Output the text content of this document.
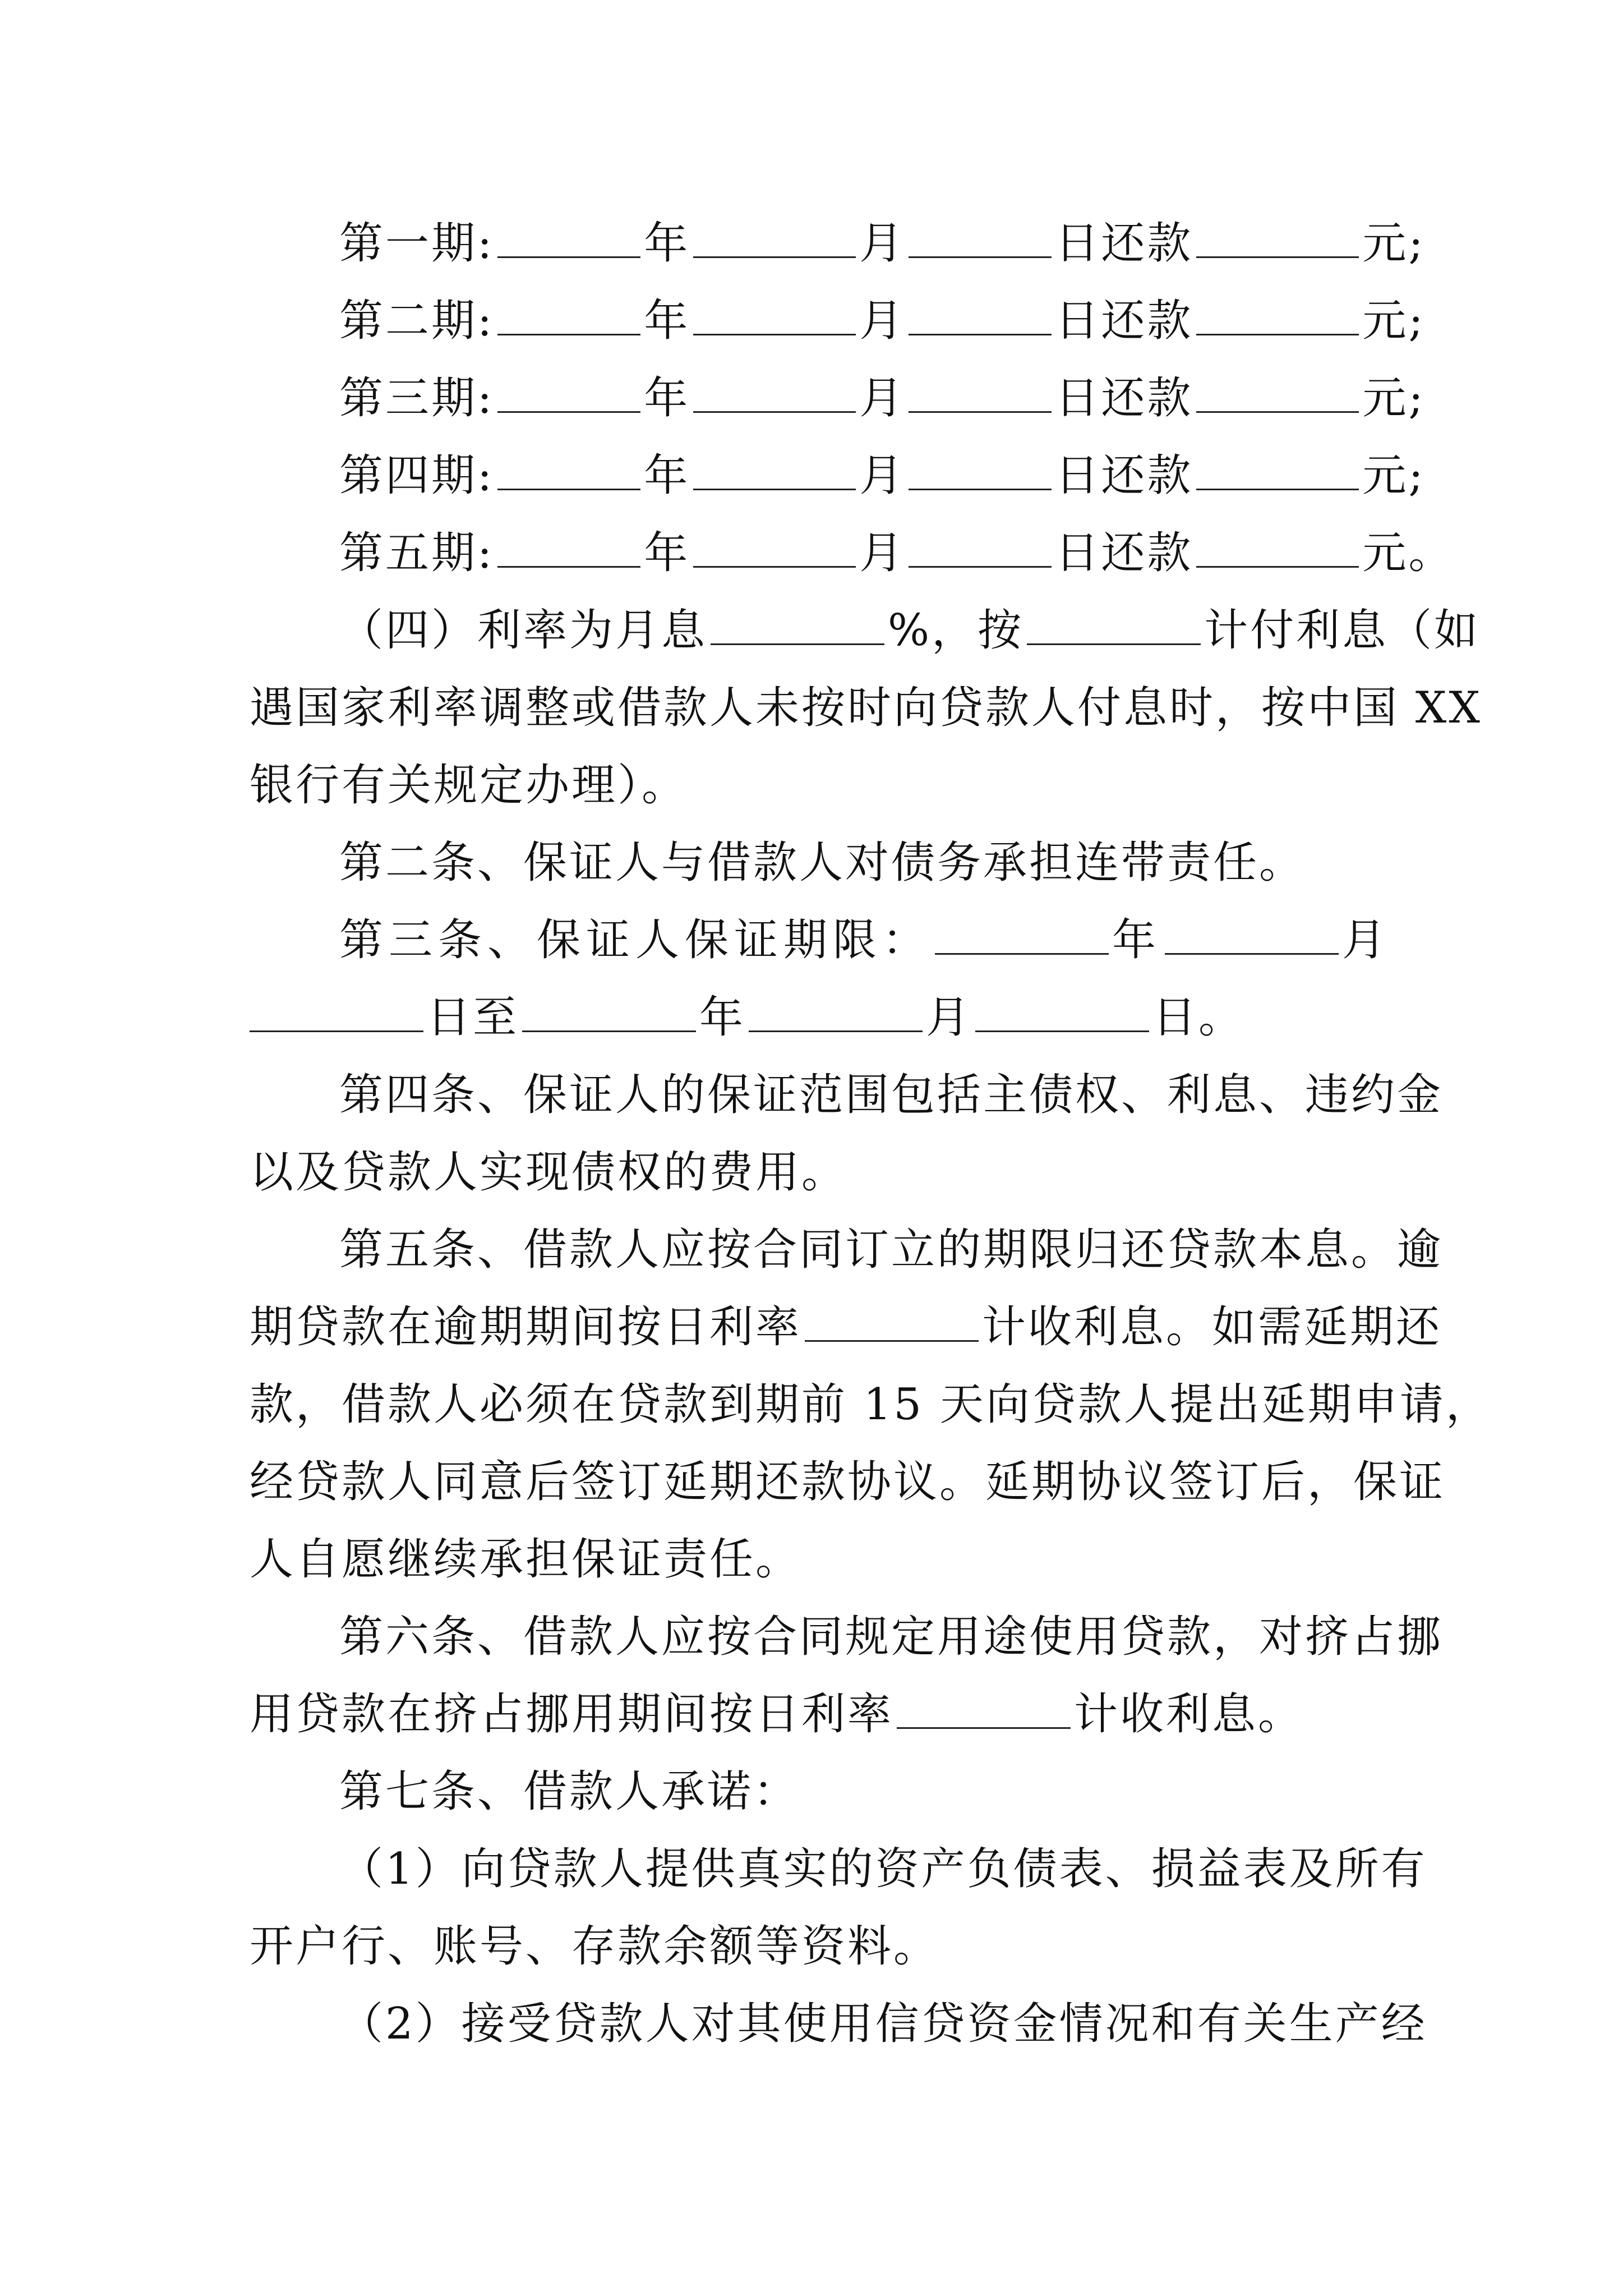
第一期:	年	月	日还款	元;
第二期:	年	月	日还款	元;
第三期:	年	月	日还款	元;
第四期:	年	月	日还款	元;
第五期:	年	月	日还款	元。
（四）利率为月息	%，按	计付利息（如
遇国家利率调整或借款人未按时向贷款人付息时，按中国 XX
银行有关规定办理）。
第二条、保证人与借款人对债务承担连带责任。
第三条、保证人保证期限：	年	月
日至	年	月	日。
第四条、保证人的保证范围包括主债权、利息、违约金
以及贷款人实现债权的费用。
第五条、借款人应按合同订立的期限归还贷款本息。逾
期贷款在逾期期间按日利率	计收利息。如需延期还
款，借款人必须在贷款到期前 15 天向贷款人提出延期申请，
经贷款人同意后签订延期还款协议。延期协议签订后，保证
人自愿继续承担保证责任。
第六条、借款人应按合同规定用途使用贷款，对挤占挪
用贷款在挤占挪用期间按日利率	计收利息。
第七条、借款人承诺：
（1）向贷款人提供真实的资产负债表、损益表及所有
开户行、账号、存款余额等资料。
（2）接受贷款人对其使用信贷资金情况和有关生产经
